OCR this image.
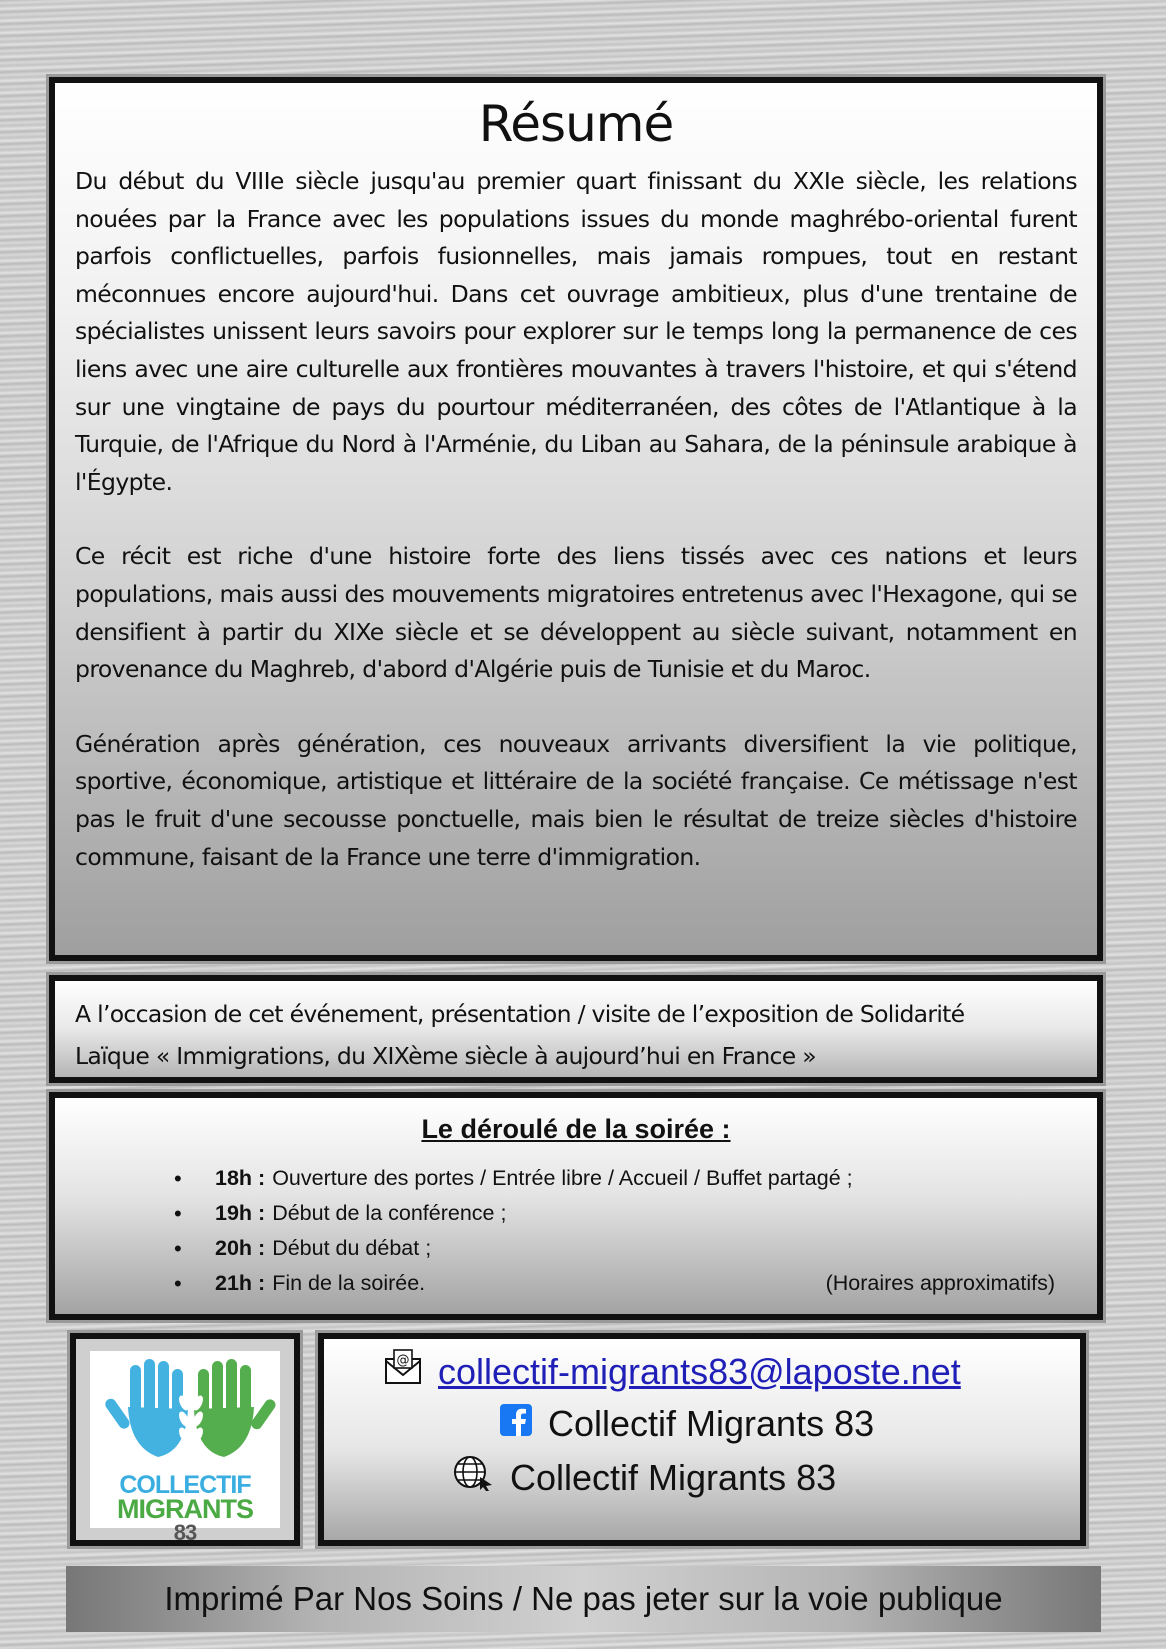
Résumé

Du début du VIIIe siècle jusqu'au premier quart finissant du XXIe siècle, les relations nouées par la France avec les populations issues du monde maghrébo-oriental furent parfois conflictuelles, parfois fusionnelles, mais jamais rompues, tout en restant méconnues encore aujourd'hui. Dans cet ouvrage ambitieux, plus d'une trentaine de spécialistes unissent leurs savoirs pour explorer sur le temps long la permanence de ces liens avec une aire culturelle aux frontières mouvantes à travers l'histoire, et qui s'étend sur une vingtaine de pays du pourtour méditerranéen, des côtes de l'Atlantique à la Turquie, de l'Afrique du Nord à l'Arménie, du Liban au Sahara, de la péninsule arabique à l'Égypte.

Ce récit est riche d'une histoire forte des liens tissés avec ces nations et leurs populations, mais aussi des mouvements migratoires entretenus avec l'Hexagone, qui se densifient à partir du XIXe siècle et se développent au siècle suivant, notamment en provenance du Maghreb, d'abord d'Algérie puis de Tunisie et du Maroc.

Génération après génération, ces nouveaux arrivants diversifient la vie politique, sportive, économique, artistique et littéraire de la société française. Ce métissage n'est pas le fruit d'une secousse ponctuelle, mais bien le résultat de treize siècles d'histoire commune, faisant de la France une terre d'immigration.

A l’occasion de cet événement, présentation / visite de l’exposition de Solidarité

Laïque « Immigrations, du XIXème siècle à aujourd’hui en France »

Le déroulé de la soirée :
• 18h : Ouverture des portes / Entrée libre / Accueil / Buffet partagé ;
• 19h : Début de la conférence ;
• 20h : Début du débat ;
• 21h : Fin de la soirée.	(Horaires approximatifs)
COLLECTIF
MIGRANTS
83
@ collectif-migrants83@laposte.net
Collectif Migrants 83
Collectif Migrants 83
Imprimé Par Nos Soins / Ne pas jeter sur la voie publique
